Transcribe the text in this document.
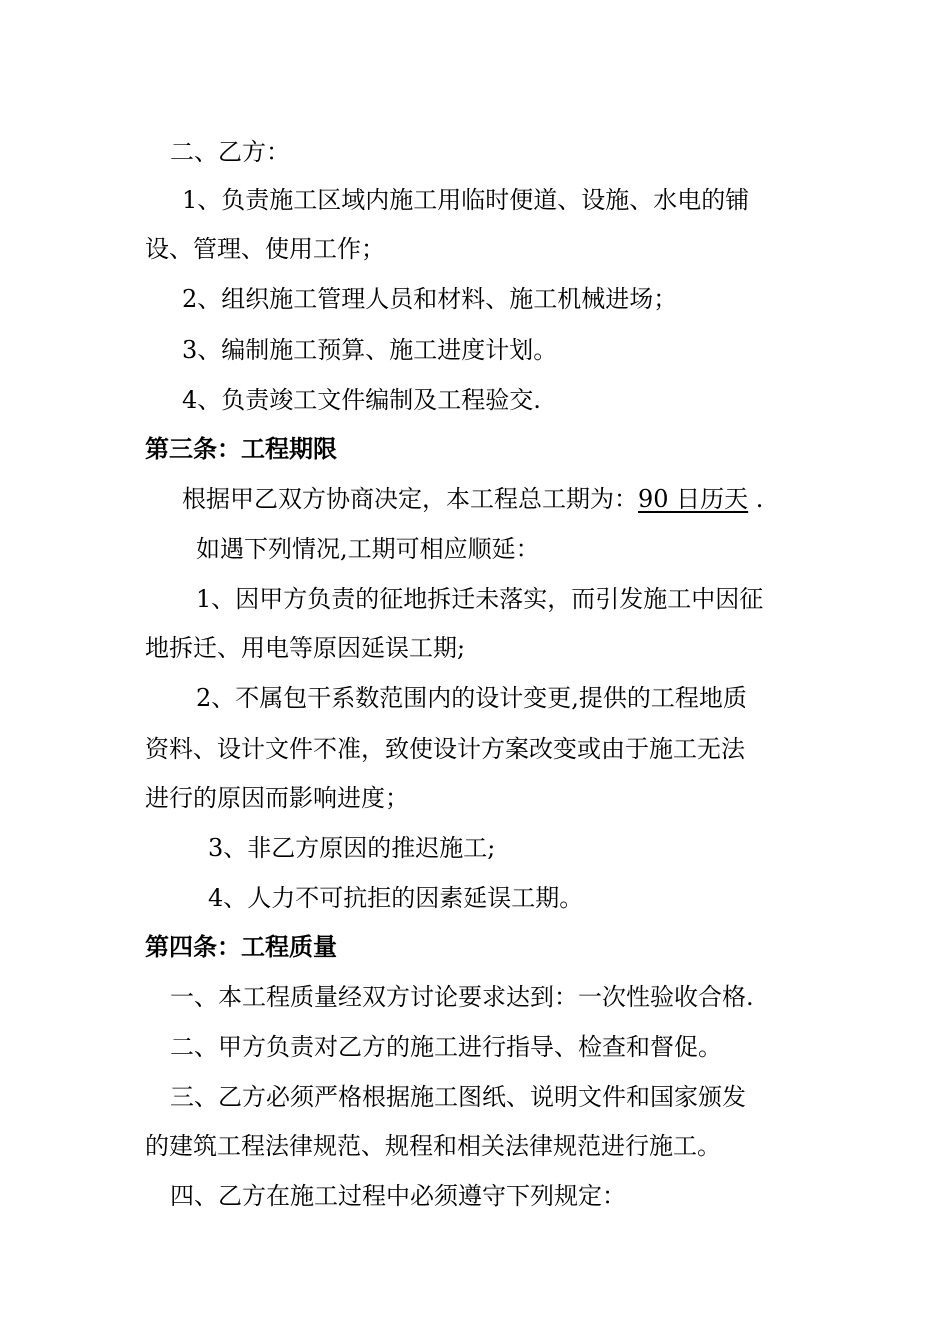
二、乙方：

1、负责施工区域内施工用临时便道、设施、水电的铺

设、管理、使用工作；

2、组织施工管理人员和材料、施工机械进场；

3、编制施工预算、施工进度计划。

4、负责竣工文件编制及工程验交.

第三条：工程期限

根据甲乙双方协商决定，本工程总工期为：90 日历天 .

如遇下列情况,工期可相应顺延：

1、因甲方负责的征地拆迁未落实，而引发施工中因征

地拆迁、用电等原因延误工期;

2、不属包干系数范围内的设计变更,提供的工程地质

资料、设计文件不准，致使设计方案改变或由于施工无法

进行的原因而影响进度；

3、非乙方原因的推迟施工;

4、人力不可抗拒的因素延误工期。

第四条：工程质量

一、本工程质量经双方讨论要求达到：一次性验收合格.

二、甲方负责对乙方的施工进行指导、检查和督促。

三、乙方必须严格根据施工图纸、说明文件和国家颁发

的建筑工程法律规范、规程和相关法律规范进行施工。

四、乙方在施工过程中必须遵守下列规定：
